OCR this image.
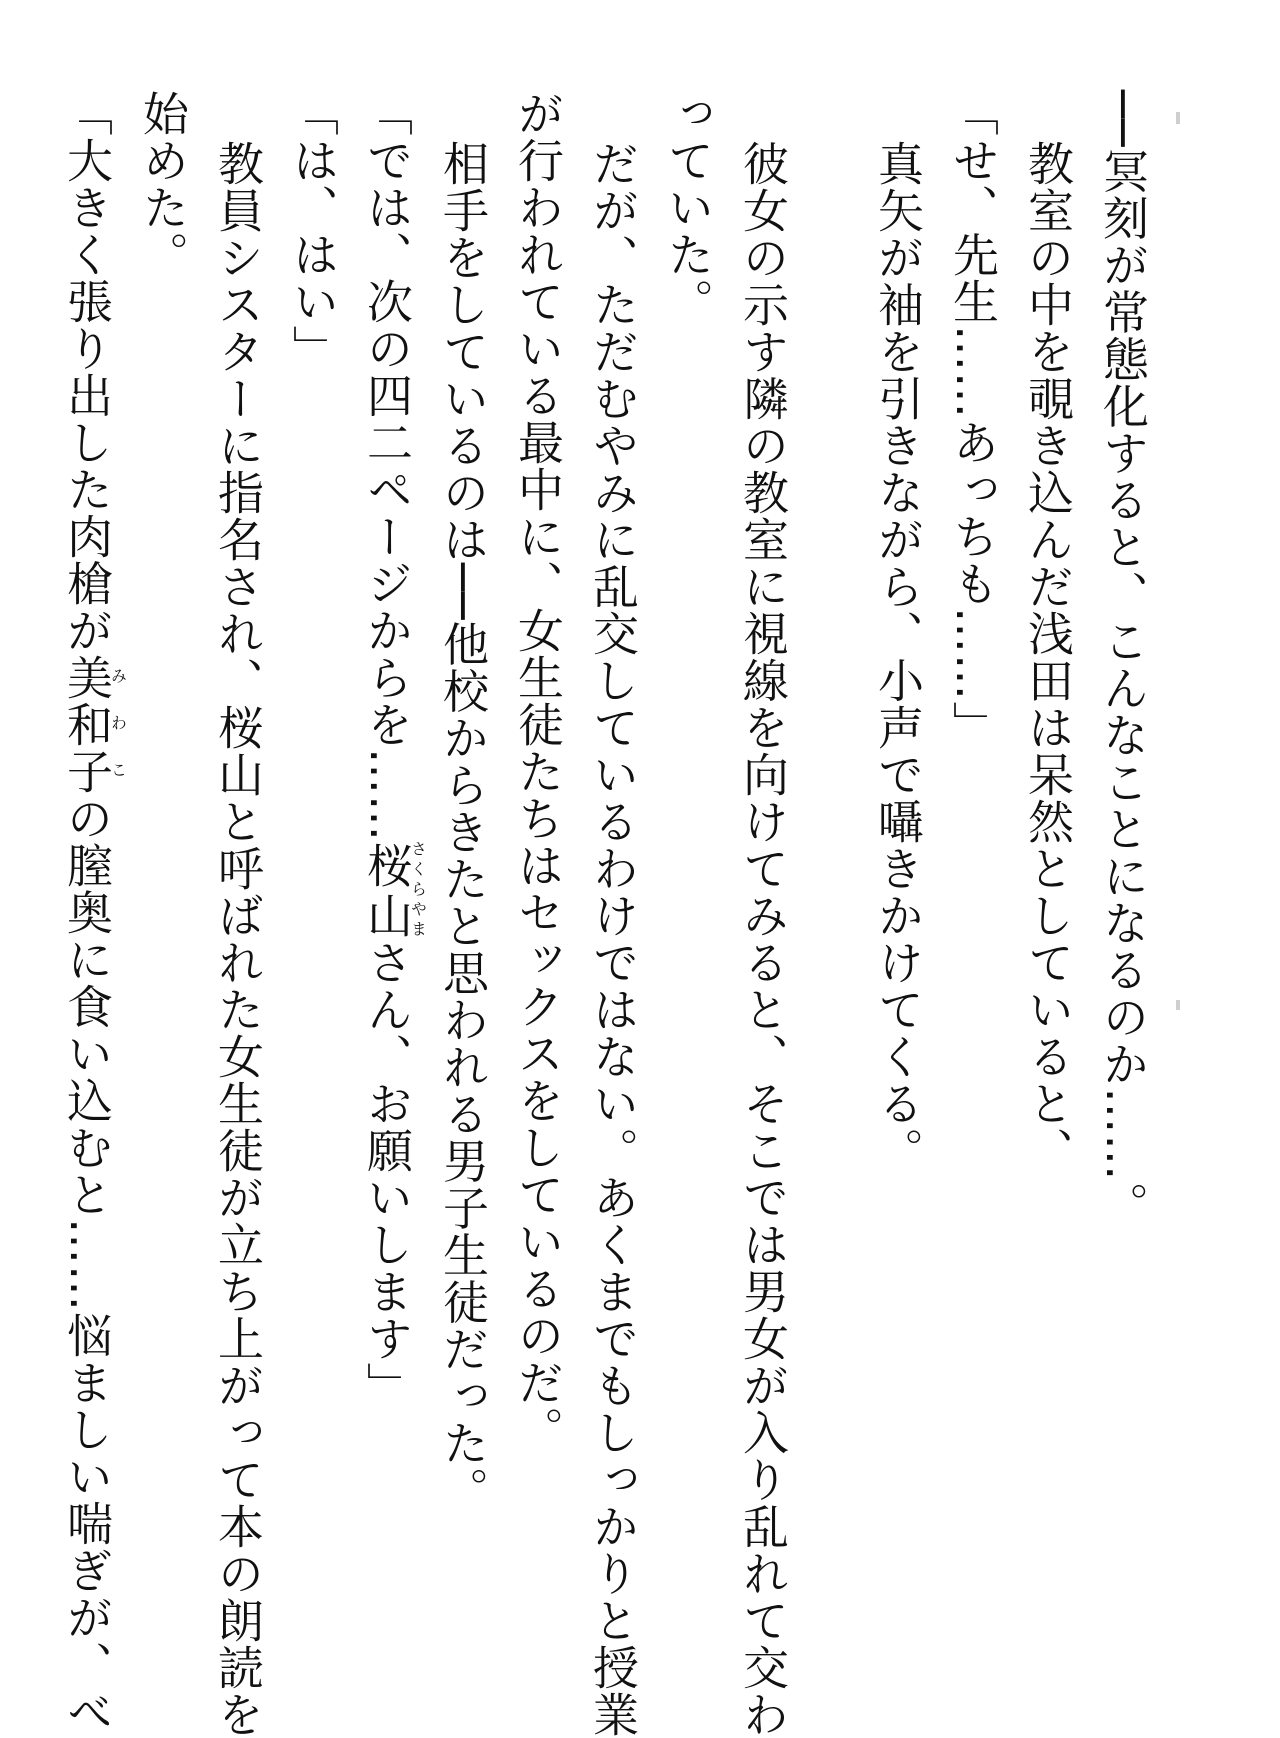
──冥刻が常態化すると、こんなことになるのか……。
教室の中を覗き込んだ浅田は呆然としていると、
「せ、先生……あっちも……」
真矢が袖を引きながら、小声で囁きかけてくる。
彼女の示す隣の教室に視線を向けてみると、そこでは男女が入り乱れて交わ
っていた。
だが、ただむやみに乱交しているわけではない。あくまでもしっかりと授業
が行われている最中に、女生徒たちはセックスをしているのだ。
相手をしているのは──他校からきたと思われる男子生徒だった。
「では、次の四二ページからを……桜山さくらやまさん、お願いします」
「は、はい」
教員シスターに指名され、桜山と呼ばれた女生徒が立ち上がって本の朗読を
始めた。
「大きく張り出した肉槍が美和子みわこの膣奥に食い込むと……悩ましい喘ぎが、べ
